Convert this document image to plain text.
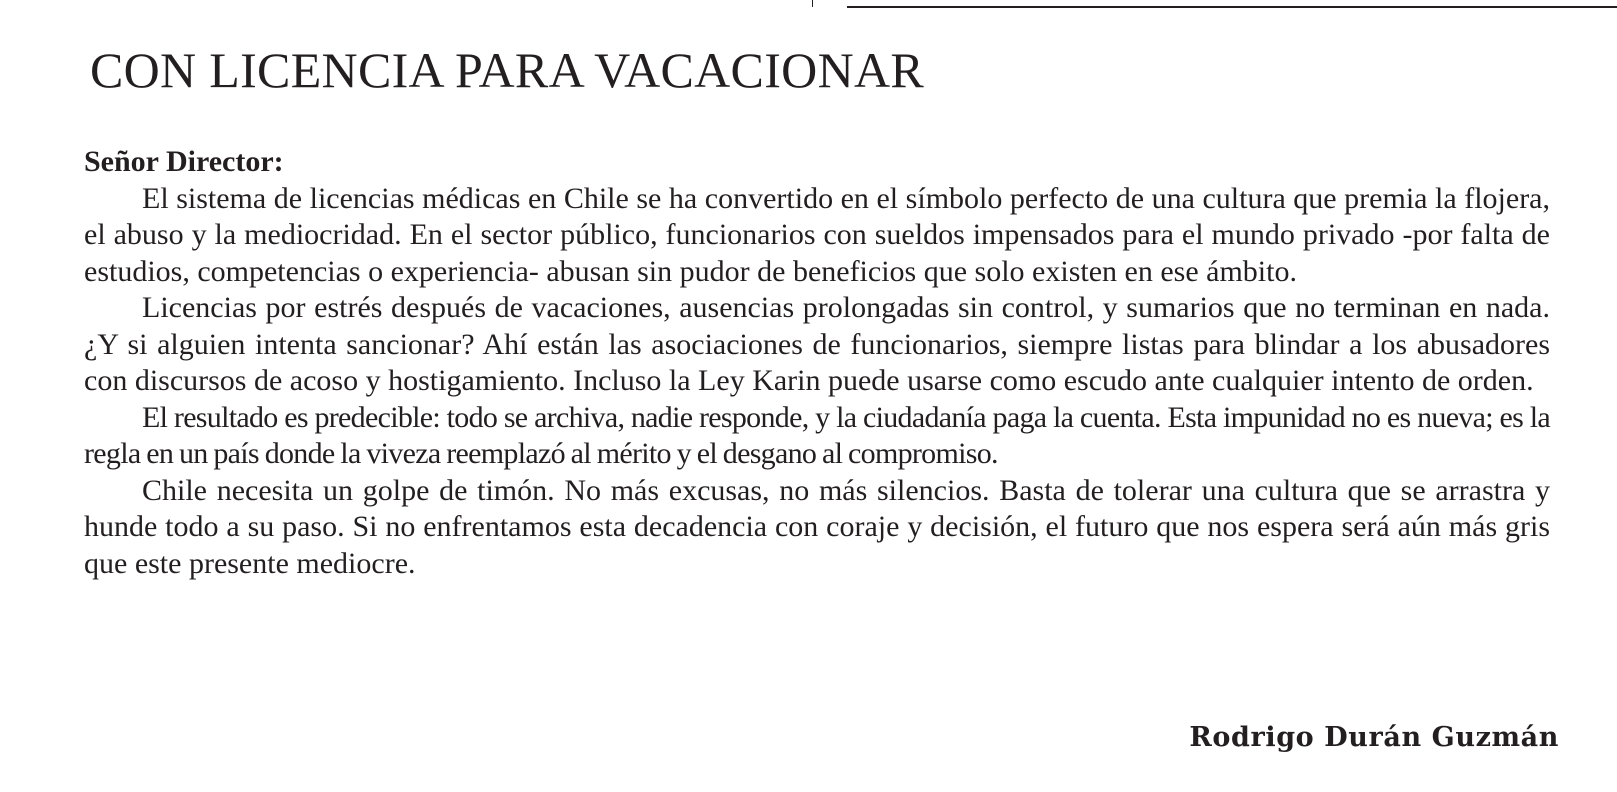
CON LICENCIA PARA VACACIONAR

Señor Director:

El sistema de licencias médicas en Chile se ha convertido en el símbolo perfecto de una cultura que premia la flojera, el abuso y la mediocridad. En el sector público, funcionarios con sueldos impensados para el mundo privado -por falta de estudios, competencias o experiencia- abusan sin pudor de beneficios que solo existen en ese ámbito.

Licencias por estrés después de vacaciones, ausencias prolongadas sin control, y sumarios que no terminan en nada. ¿Y si alguien intenta sancionar? Ahí están las asociaciones de funcionarios, siempre listas para blindar a los abusadores con discursos de acoso y hostigamiento. Incluso la Ley Karin puede usarse como escudo ante cualquier intento de orden.

El resultado es predecible: todo se archiva, nadie responde, y la ciudadanía paga la cuenta. Esta impunidad no es nueva; es la regla en un país donde la viveza reemplazó al mérito y el desgano al compromiso.

Chile necesita un golpe de timón. No más excusas, no más silencios. Basta de tolerar una cultura que se arrastra y hunde todo a su paso. Si no enfrentamos esta decadencia con coraje y decisión, el futuro que nos espera será aún más gris que este presente mediocre.

Rodrigo Durán Guzmán
